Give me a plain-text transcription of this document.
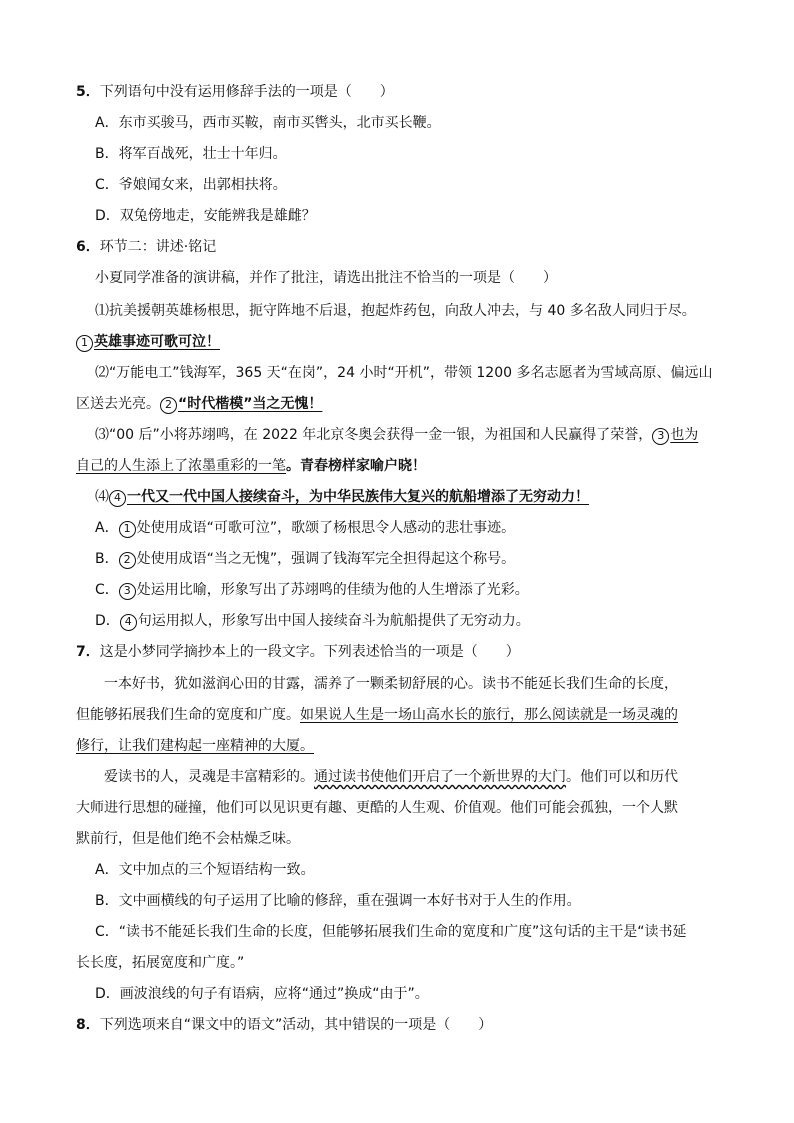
5．下列语句中没有运用修辞手法的一项是（　　）
A．东市买骏马，西市买鞍，南市买辔头，北市买长鞭。
B．将军百战死，壮士十年归。
C．爷娘闻女来，出郭相扶将。
D．双兔傍地走，安能辨我是雄雌？
6．环节二：讲述·铭记
小夏同学准备的演讲稿，并作了批注，请选出批注不恰当的一项是（　　）
⑴抗美援朝英雄杨根思，扼守阵地不后退，抱起炸药包，向敌人冲去，与 40 多名敌人同归于尽。
1 英雄事迹可歌可泣！
⑵“万能电工”钱海军，365 天“在岗”，24 小时“开机”，带领 1200 多名志愿者为雪域高原、偏远山
区送去光亮。 2 “时代楷模”当之无愧！
⑶“00 后”小将苏翊鸣，在 2022 年北京冬奥会获得一金一银，为祖国和人民赢得了荣誉， 3 也为
自己的人生添上了浓墨重彩的一笔。青春榜样家喻户晓！
⑷ 4 一代又一代中国人接续奋斗，为中华民族伟大复兴的航船增添了无穷动力！
A． 1 处使用成语“可歌可泣”，歌颂了杨根思令人感动的悲壮事迹。
B． 2 处使用成语“当之无愧”，强调了钱海军完全担得起这个称号。
C． 3 处运用比喻，形象写出了苏翊鸣的佳绩为他的人生增添了光彩。
D． 4 句运用拟人，形象写出中国人接续奋斗为航船提供了无穷动力。
7．这是小梦同学摘抄本上的一段文字。下列表述恰当的一项是（　　）
一本好书，犹如滋润心田的甘露，濡养了一颗柔韧舒展的心。读书不能延长我们生命的长度，
但能够拓展我们生命的宽度和广度。如果说人生是一场山高水长的旅行，那么阅读就是一场灵魂的
修行，让我们建构起一座精神的大厦。
爱读书的人，灵魂是丰富精彩的。通过读书使他们开启了一个新世界的大门。他们可以和历代
大师进行思想的碰撞，他们可以见识更有趣、更酷的人生观、价值观。他们可能会孤独，一个人默
默前行，但是他们绝不会枯燥乏味。
A．文中加点的三个短语结构一致。
B．文中画横线的句子运用了比喻的修辞，重在强调一本好书对于人生的作用。
C．“读书不能延长我们生命的长度，但能够拓展我们生命的宽度和广度”这句话的主干是“读书延
长长度，拓展宽度和广度。”
D．画波浪线的句子有语病，应将“通过”换成“由于”。
8．下列选项来自“课文中的语文”活动，其中错误的一项是（　　）
